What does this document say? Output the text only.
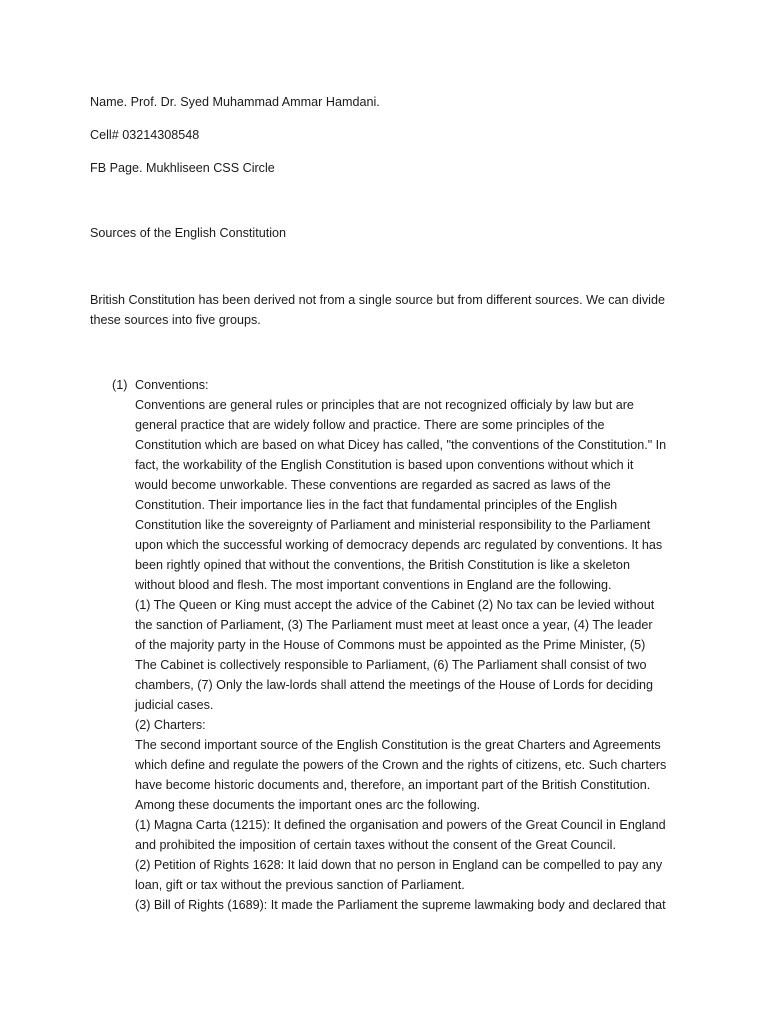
Name. Prof. Dr. Syed Muhammad Ammar Hamdani.
Cell# 03214308548
FB Page. Mukhliseen CSS Circle
Sources of the English Constitution
British Constitution has been derived not from a single source but from different sources. We can divide
these sources into five groups.
(1) Conventions:
Conventions are general rules or principles that are not recognized officialy by law but are
general practice that are widely follow and practice. There are some principles of the
Constitution which are based on what Dicey has called, "the conventions of the Constitution." In
fact, the workability of the English Constitution is based upon conventions without which it
would become unworkable. These conventions are regarded as sacred as laws of the
Constitution. Their importance lies in the fact that fundamental principles of the English
Constitution like the sovereignty of Parliament and ministerial responsibility to the Parliament
upon which the successful working of democracy depends arc regulated by conventions. It has
been rightly opined that without the conventions, the British Constitution is like a skeleton
without blood and flesh. The most important conventions in England are the following.
(1) The Queen or King must accept the advice of the Cabinet (2) No tax can be levied without
the sanction of Parliament, (3) The Parliament must meet at least once a year, (4) The leader
of the majority party in the House of Commons must be appointed as the Prime Minister, (5)
The Cabinet is collectively responsible to Parliament, (6) The Parliament shall consist of two
chambers, (7) Only the law-lords shall attend the meetings of the House of Lords for deciding
judicial cases.
(2) Charters:
The second important source of the English Constitution is the great Charters and Agreements
which define and regulate the powers of the Crown and the rights of citizens, etc. Such charters
have become historic documents and, therefore, an important part of the British Constitution.
Among these documents the important ones arc the following.
(1) Magna Carta (1215): It defined the organisation and powers of the Great Council in England
and prohibited the imposition of certain taxes without the consent of the Great Council.
(2) Petition of Rights 1628: It laid down that no person in England can be compelled to pay any
loan, gift or tax without the previous sanction of Parliament.
(3) Bill of Rights (1689): It made the Parliament the supreme lawmaking body and declared that
